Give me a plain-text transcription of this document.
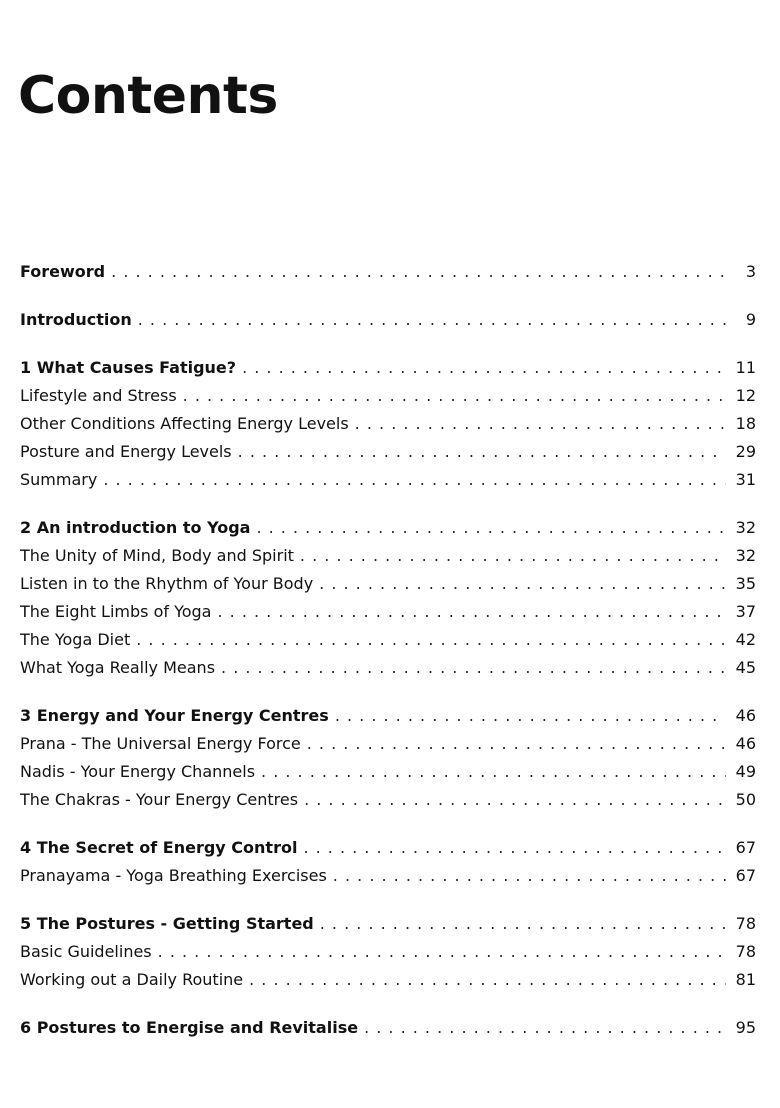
Contents
Foreword . . .	3
Introduction . . .	9
1 What Causes Fatigue? . . .	11
Lifestyle and Stress . . .	12
Other Conditions Affecting Energy Levels . . .	18
Posture and Energy Levels . . .	29
Summary . . .	31
2 An introduction to Yoga . . .	32
The Unity of Mind, Body and Spirit . . .	32
Listen in to the Rhythm of Your Body . . .	35
The Eight Limbs of Yoga . . .	37
The Yoga Diet . . .	42
What Yoga Really Means . . .	45
3 Energy and Your Energy Centres . . .	46
Prana - The Universal Energy Force . . .	46
Nadis - Your Energy Channels . . .	49
The Chakras - Your Energy Centres . . .	50
4 The Secret of Energy Control . . .	67
Pranayama - Yoga Breathing Exercises . . .	67
5 The Postures - Getting Started . . .	78
Basic Guidelines . . .	78
Working out a Daily Routine . . .	81
6 Postures to Energise and Revitalise . . .	95
